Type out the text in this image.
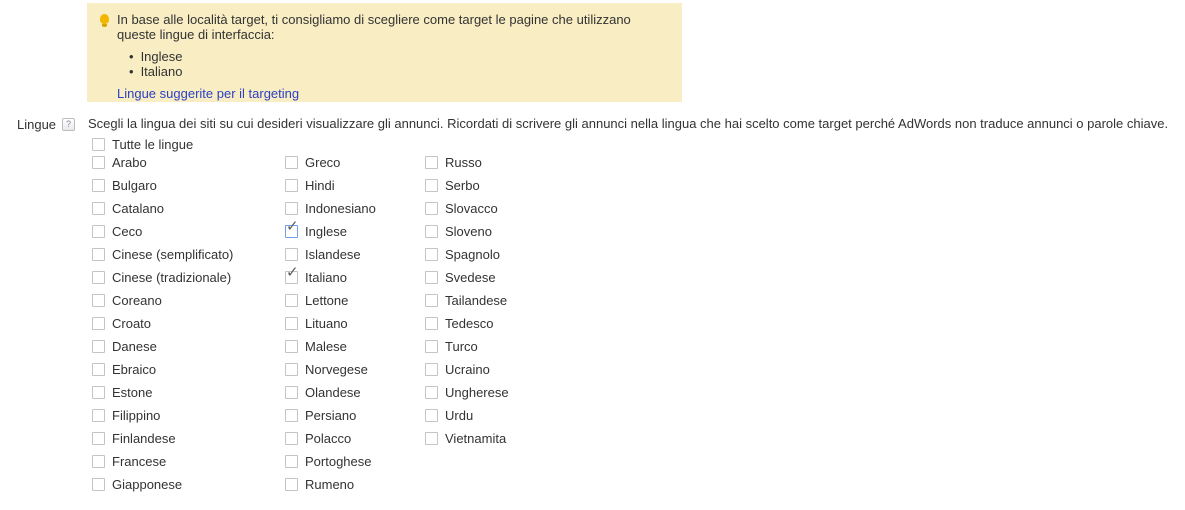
In base alle località target, ti consigliamo di scegliere come target le pagine che utilizzano queste lingue di interfaccia:

• Inglese
• Italiano
Lingue suggerite per il targeting
Lingue	?	Scegli la lingua dei siti su cui desideri visualizzare gli annunci. Ricordati di scrivere gli annunci nella lingua che hai scelto come target perché AdWords non traduce annunci o parole chiave.
Tutte le lingue
Arabo
Bulgaro
Catalano
Ceco
Cinese (semplificato)
Cinese (tradizionale)
Coreano
Croato
Danese
Ebraico
Estone
Filippino
Finlandese
Francese
Giapponese
Greco
Hindi
Indonesiano
✓ Inglese
Islandese
✓ Italiano
Lettone
Lituano
Malese
Norvegese
Olandese
Persiano
Polacco
Portoghese
Rumeno
Russo
Serbo
Slovacco
Sloveno
Spagnolo
Svedese
Tailandese
Tedesco
Turco
Ucraino
Ungherese
Urdu
Vietnamita
